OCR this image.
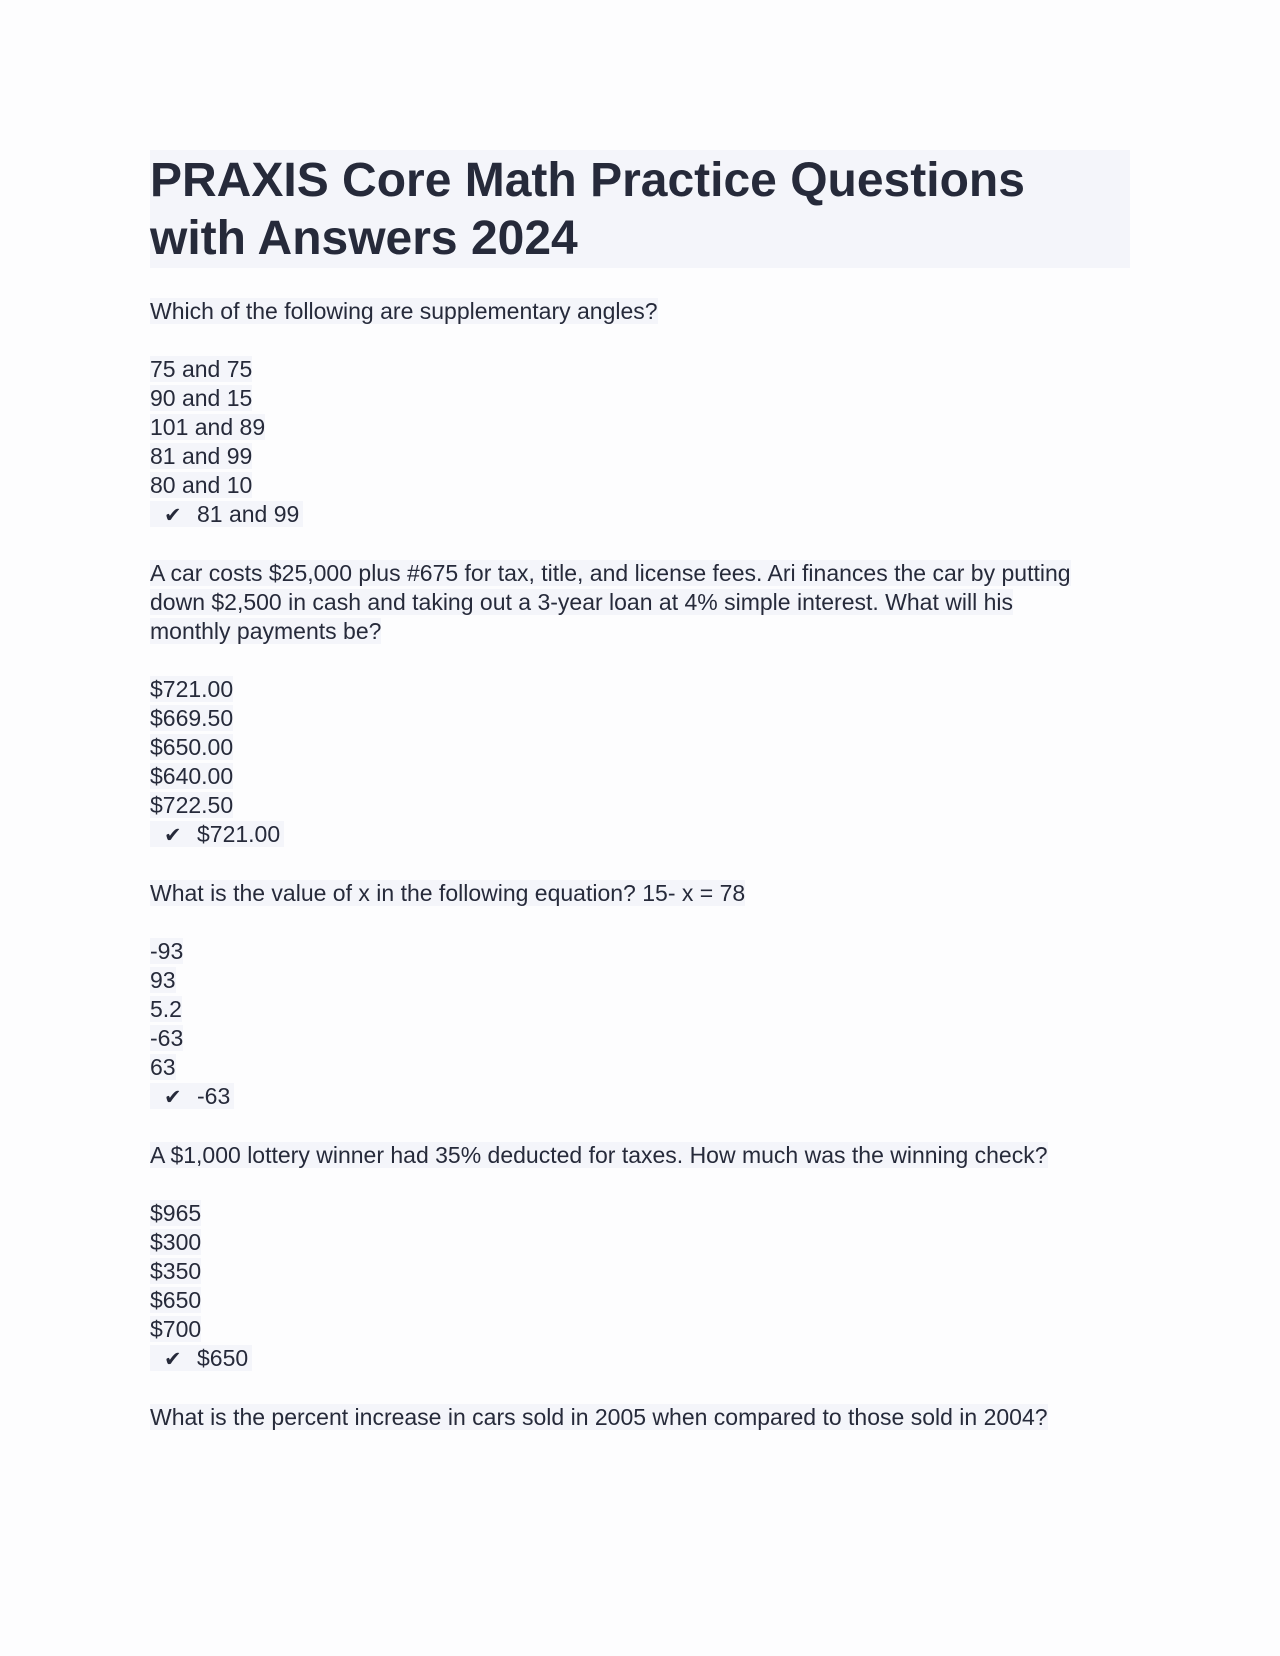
PRAXIS Core Math Practice Questions with Answers 2024

Which of the following are supplementary angles?

75 and 75
90 and 15
101 and 89
81 and 99
80 and 10
✔ 81 and 99

A car costs $25,000 plus #675 for tax, title, and license fees. Ari finances the car by putting down $2,500 in cash and taking out a 3-year loan at 4% simple interest. What will his monthly payments be?

$721.00
$669.50
$650.00
$640.00
$722.50
✔ $721.00

What is the value of x in the following equation? 15- x = 78

-93
93
5.2
-63
63
✔ -63

A $1,000 lottery winner had 35% deducted for taxes. How much was the winning check?

$965
$300
$350
$650
$700
✔ $650

What is the percent increase in cars sold in 2005 when compared to those sold in 2004?
